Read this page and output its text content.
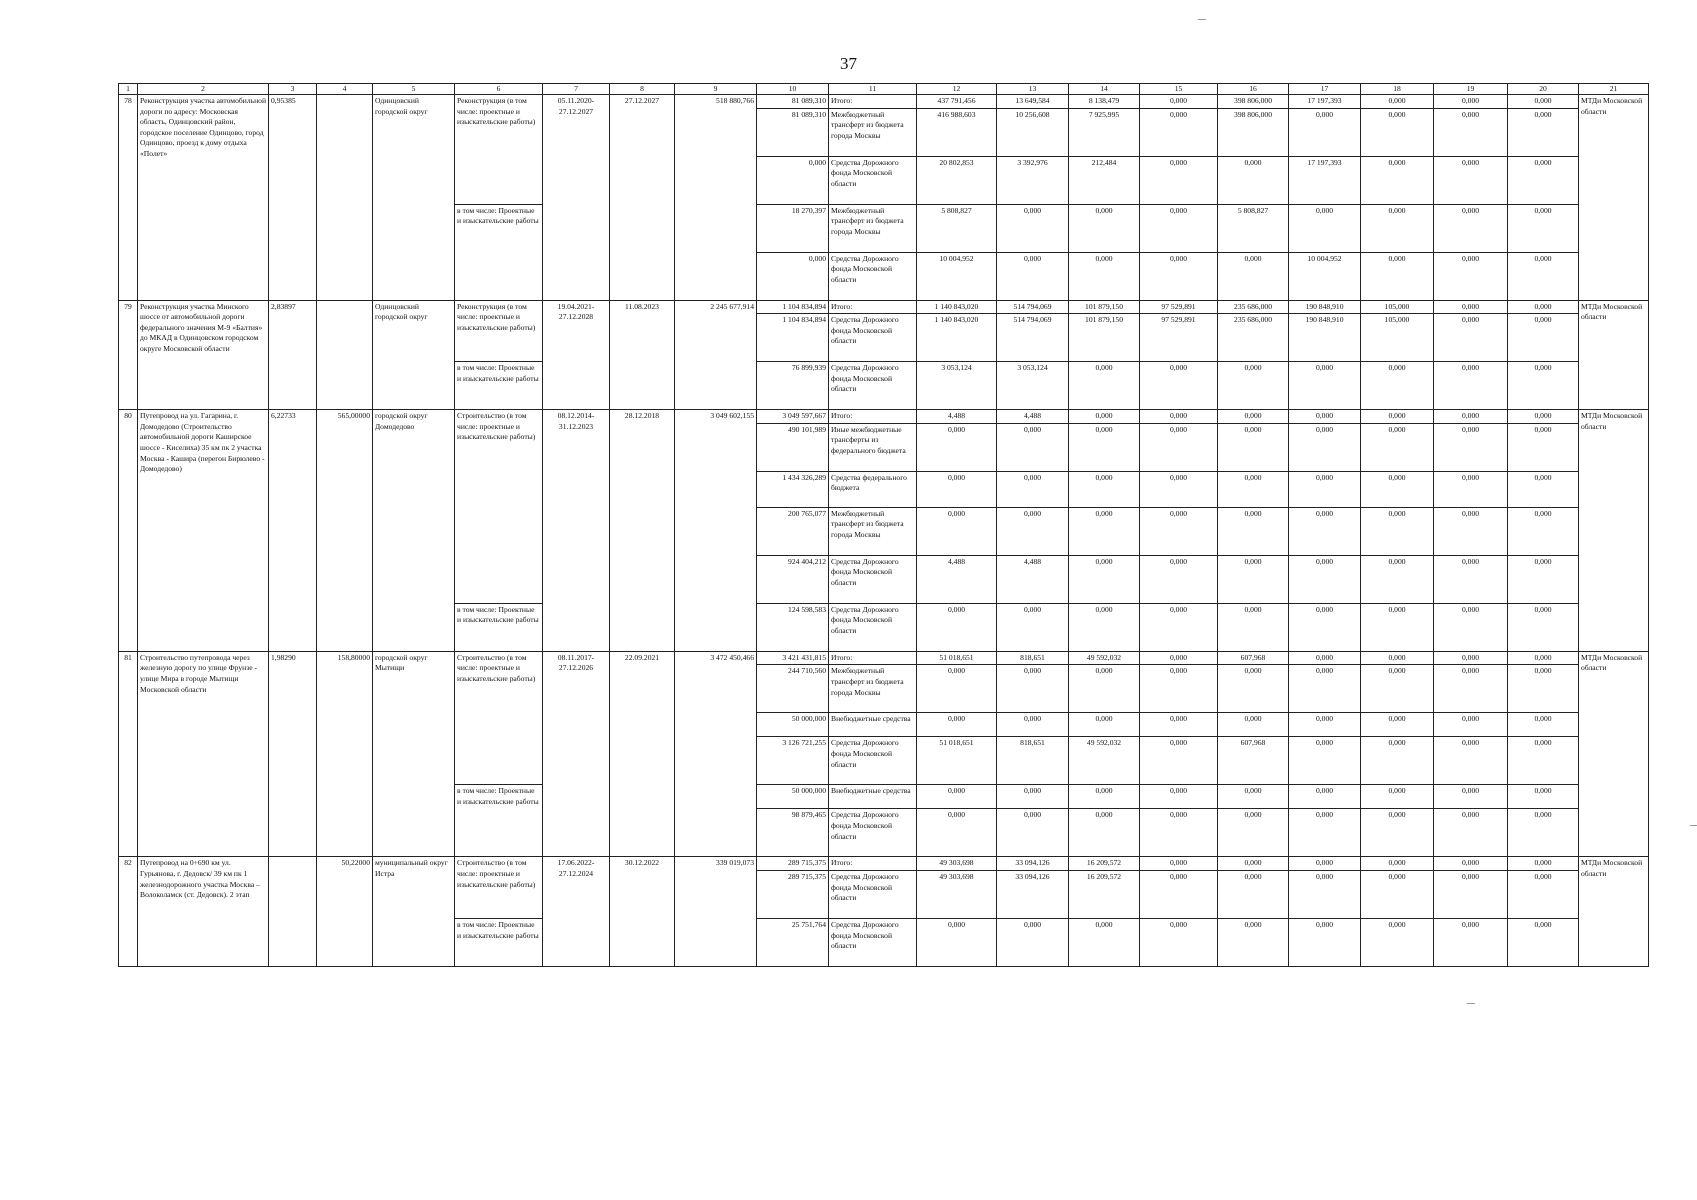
37
1	2	3	4	5	6	7	8	9	10	11	12	13	14	15	16	17	18	19	20	21
78	Реконструкция участка автомобильной дороги по адресу: Московская область, Одинцовский район, городское поселение Одинцово, город Одинцово, проезд к дому отдыха «Полет»	0,95385		Одинцовский городской округ	Реконструкция (в том числе: проектные и изыскательские работы)	05.11.2020-27.12.2027	27.12.2027	518 880,766	81 089,310	Итого:	437 791,456	13 649,584	8 138,479	0,000	398 806,000	17 197,393	0,000	0,000	0,000	МТДи Московской области
									81 089,310	Межбюджетный трансферт из бюджета города Москвы	416 988,603	10 256,608	7 925,995	0,000	398 806,000	0,000	0,000	0,000	0,000	
									0,000	Средства Дорожного фонда Московской области	20 802,853	3 392,976	212,484	0,000	0,000	17 197,393	0,000	0,000	0,000	
					в том числе: Проектные и изыскательские работы				18 270,397	Межбюджетный трансферт из бюджета города Москвы	5 808,827	0,000	0,000	0,000	5 808,827	0,000	0,000	0,000	0,000	
									0,000	Средства Дорожного фонда Московской области	10 004,952	0,000	0,000	0,000	0,000	10 004,952	0,000	0,000	0,000	
79	Реконструкция участка Минского шоссе от автомобильной дороги федерального значения М-9 «Балтия» до МКАД в Одинцовском городском округе Московской области	2,83897		Одинцовский городской округ	Реконструкция (в том числе: проектные и изыскательские работы)	19.04.2021-27.12.2028	11.08.2023	2 245 677,914	1 104 834,894	Итого:	1 140 843,020	514 794,069	101 879,150	97 529,891	235 686,000	190 848,910	105,000	0,000	0,000	МТДи Московской области
									1 104 834,894	Средства Дорожного фонда Московской области	1 140 843,020	514 794,069	101 879,150	97 529,891	235 686,000	190 848,910	105,000	0,000	0,000	
					в том числе: Проектные и изыскательские работы				76 899,939	Средства Дорожного фонда Московской области	3 053,124	3 053,124	0,000	0,000	0,000	0,000	0,000	0,000	0,000	
80	Путепровод на ул. Гагарина, г. Домодедово (Строительство автомобильной дороги Каширское шоссе - Киселиха) 35 км пк 2 участка Москва - Кашира (перегон Бирюлево - Домодедово)	6,22733	565,00000	городской округ Домодедово	Строительство (в том числе: проектные и изыскательские работы)	08.12.2014-31.12.2023	28.12.2018	3 049 602,155	3 049 597,667	Итого:	4,488	4,488	0,000	0,000	0,000	0,000	0,000	0,000	0,000	МТДи Московской области
									490 101,989	Иные межбюджетные трансферты из федерального бюджета	0,000	0,000	0,000	0,000	0,000	0,000	0,000	0,000	0,000	
									1 434 326,289	Средства федерального бюджета	0,000	0,000	0,000	0,000	0,000	0,000	0,000	0,000	0,000	
									200 765,077	Межбюджетный трансферт из бюджета города Москвы	0,000	0,000	0,000	0,000	0,000	0,000	0,000	0,000	0,000	
									924 404,212	Средства Дорожного фонда Московской области	4,488	4,488	0,000	0,000	0,000	0,000	0,000	0,000	0,000	
					в том числе: Проектные и изыскательские работы				124 598,583	Средства Дорожного фонда Московской области	0,000	0,000	0,000	0,000	0,000	0,000	0,000	0,000	0,000	
81	Строительство путепровода через железную дорогу по улице Фрунзе - улице Мира в городе Мытищи Московской области	1,98290	158,80000	городской округ Мытищи	Строительство (в том числе: проектные и изыскательские работы)	08.11.2017-27.12.2026	22.09.2021	3 472 450,466	3 421 431,815	Итого:	51 018,651	818,651	49 592,032	0,000	607,968	0,000	0,000	0,000	0,000	МТДи Московской области
									244 710,560	Межбюджетный трансферт из бюджета города Москвы	0,000	0,000	0,000	0,000	0,000	0,000	0,000	0,000	0,000	
									50 000,000	Внебюджетные средства	0,000	0,000	0,000	0,000	0,000	0,000	0,000	0,000	0,000	
									3 126 721,255	Средства Дорожного фонда Московской области	51 018,651	818,651	49 592,032	0,000	607,968	0,000	0,000	0,000	0,000	
					в том числе: Проектные и изыскательские работы				50 000,000	Внебюджетные средства	0,000	0,000	0,000	0,000	0,000	0,000	0,000	0,000	0,000	
									98 879,465	Средства Дорожного фонда Московской области	0,000	0,000	0,000	0,000	0,000	0,000	0,000	0,000	0,000	
82	Путепровод на 0+690 км ул. Гурьянова, г. Дедовск/ 39 км пк 1 железнодорожного участка Москва – Волоколамск (ст. Дедовск). 2 этап		50,22000	муниципальный округ Истра	Строительство (в том числе: проектные и изыскательские работы)	17.06.2022-27.12.2024	30.12.2022	339 019,073	289 715,375	Итого:	49 303,698	33 094,126	16 209,572	0,000	0,000	0,000	0,000	0,000	0,000	МТДи Московской области
									289 715,375	Средства Дорожного фонда Московской области	49 303,698	33 094,126	16 209,572	0,000	0,000	0,000	0,000	0,000	0,000	
					в том числе: Проектные и изыскательские работы				25 751,764	Средства Дорожного фонда Московской области	0,000	0,000	0,000	0,000	0,000	0,000	0,000	0,000	0,000	
